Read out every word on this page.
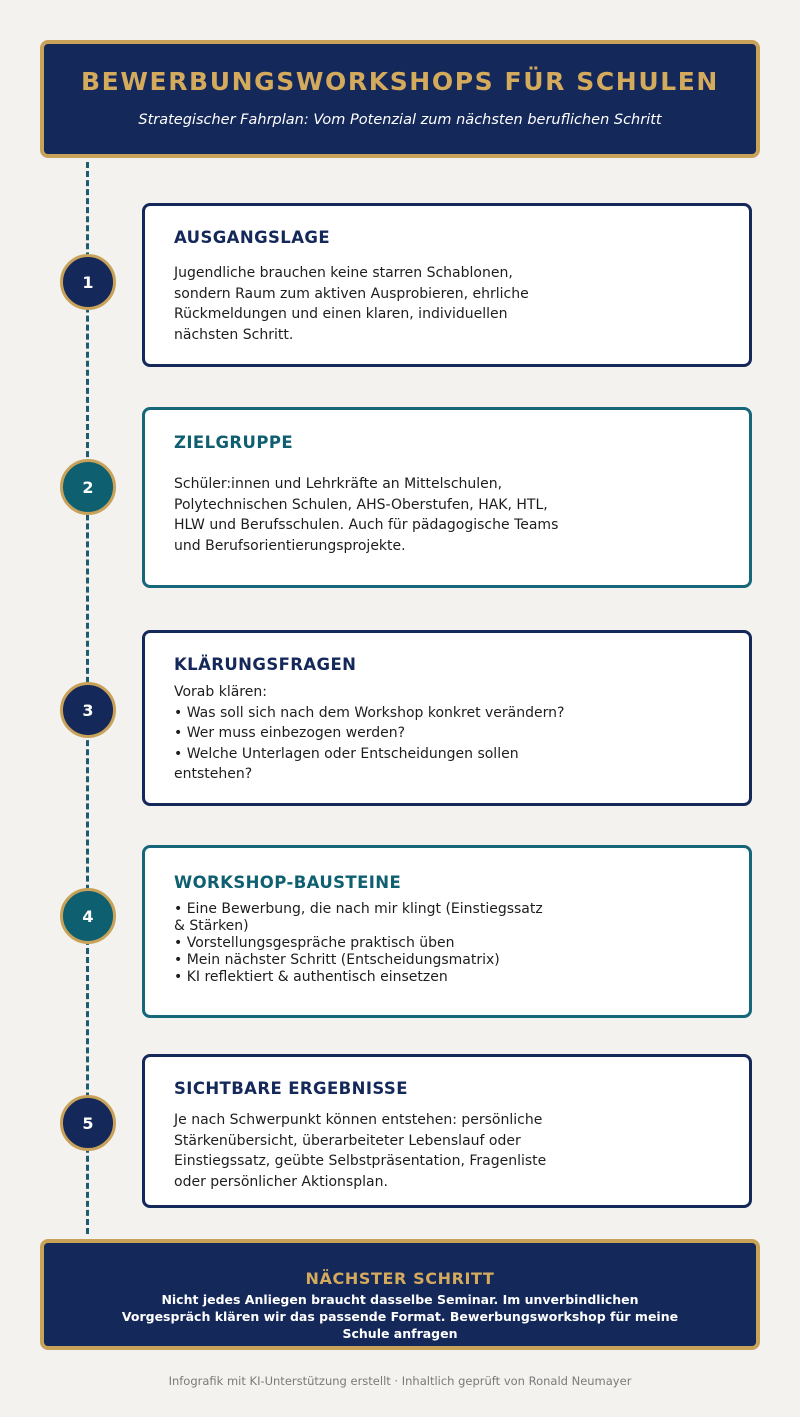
BEWERBUNGSWORKSHOPS FÜR SCHULEN
Strategischer Fahrplan: Vom Potenzial zum nächsten beruflichen Schritt
1
AUSGANGSLAGE
Jugendliche brauchen keine starren Schablonen,
sondern Raum zum aktiven Ausprobieren, ehrliche
Rückmeldungen und einen klaren, individuellen
nächsten Schritt.
2
ZIELGRUPPE
Schüler:innen und Lehrkräfte an Mittelschulen,
Polytechnischen Schulen, AHS-Oberstufen, HAK, HTL,
HLW und Berufsschulen. Auch für pädagogische Teams
und Berufsorientierungsprojekte.
3
KLÄRUNGSFRAGEN
Vorab klären:
• Was soll sich nach dem Workshop konkret verändern?
• Wer muss einbezogen werden?
• Welche Unterlagen oder Entscheidungen sollen
entstehen?
4
WORKSHOP-BAUSTEINE
• Eine Bewerbung, die nach mir klingt (Einstiegssatz
& Stärken)
• Vorstellungsgespräche praktisch üben
• Mein nächster Schritt (Entscheidungsmatrix)
• KI reflektiert & authentisch einsetzen
5
SICHTBARE ERGEBNISSE
Je nach Schwerpunkt können entstehen: persönliche
Stärkenübersicht, überarbeiteter Lebenslauf oder
Einstiegssatz, geübte Selbstpräsentation, Fragenliste
oder persönlicher Aktionsplan.
NÄCHSTER SCHRITT
Nicht jedes Anliegen braucht dasselbe Seminar. Im unverbindlichen
Vorgespräch klären wir das passende Format. Bewerbungsworkshop für meine
Schule anfragen
Infografik mit KI-Unterstützung erstellt · Inhaltlich geprüft von Ronald Neumayer
